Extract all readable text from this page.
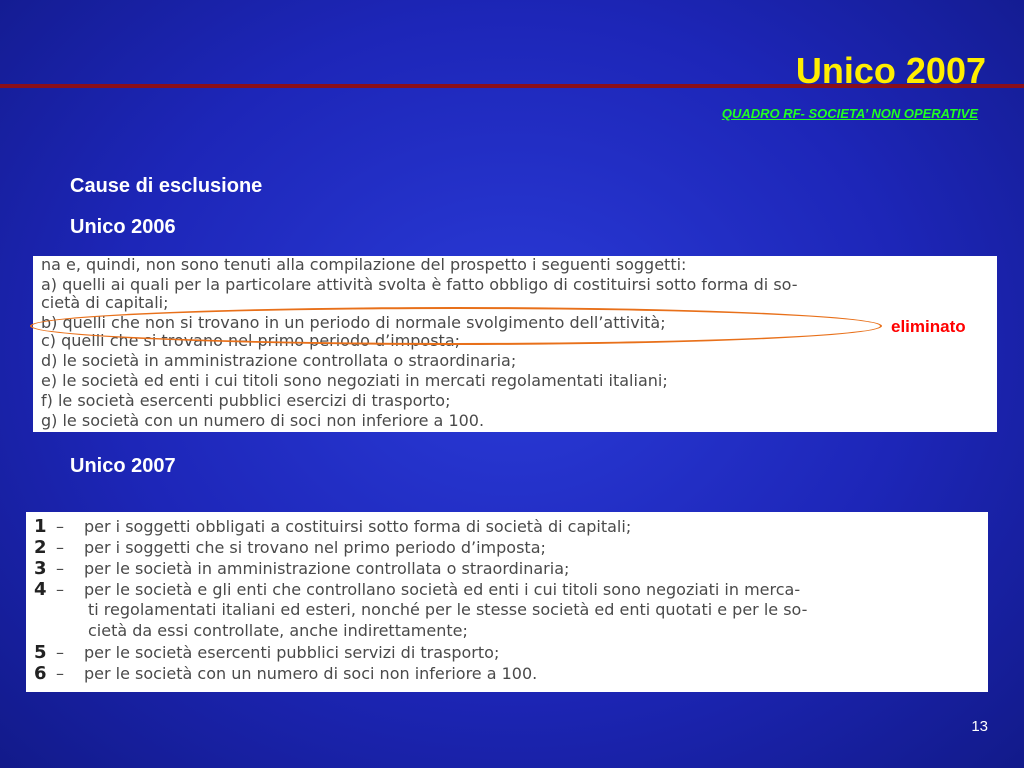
Unico 2007
QUADRO RF- SOCIETA’ NON OPERATIVE
Cause di esclusione
Unico 2006
na e, quindi, non sono tenuti alla compilazione del prospetto i seguenti soggetti:
a) quelli ai quali per la particolare attività svolta è fatto obbligo di costituirsi sotto forma di so-
cietà di capitali;
b) quelli che non si trovano in un periodo di normale svolgimento dell’attività;
c) quelli che si trovano nel primo periodo d’imposta;
d) le società in amministrazione controllata o straordinaria;
e) le società ed enti i cui titoli sono negoziati in mercati regolamentati italiani;
f) le società esercenti pubblici esercizi di trasporto;
g) le società con un numero di soci non inferiore a 100.
eliminato
Unico 2007
1 – per i soggetti obbligati a costituirsi sotto forma di società di capitali;
2 – per i soggetti che si trovano nel primo periodo d’imposta;
3 – per le società in amministrazione controllata o straordinaria;
4 – per le società e gli enti che controllano società ed enti i cui titoli sono negoziati in merca-
ti regolamentati italiani ed esteri, nonché per le stesse società ed enti quotati e per le so-
cietà da essi controllate, anche indirettamente;
5 – per le società esercenti pubblici servizi di trasporto;
6 – per le società con un numero di soci non inferiore a 100.
13
